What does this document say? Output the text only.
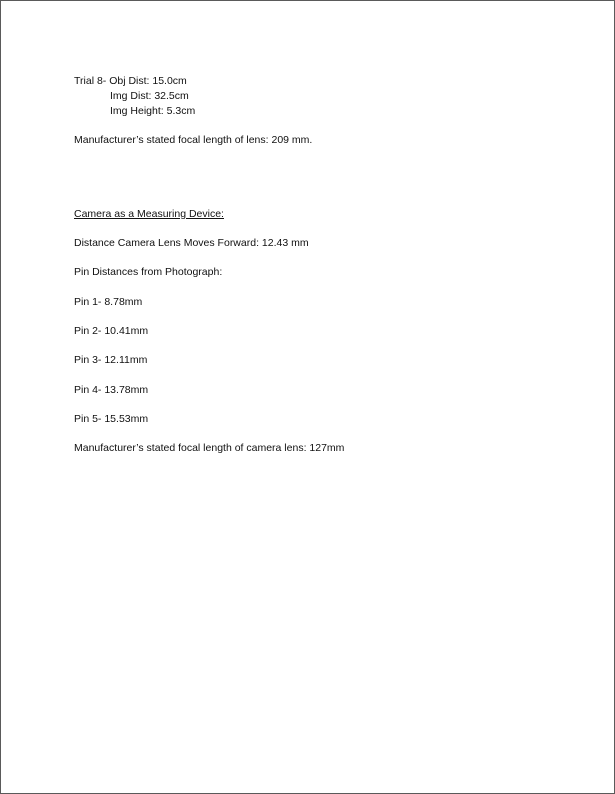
Trial 8- Obj Dist: 15.0cm
Img Dist: 32.5cm
Img Height: 5.3cm
Manufacturer’s stated focal length of lens: 209 mm.
Camera as a Measuring Device:
Distance Camera Lens Moves Forward: 12.43 mm
Pin Distances from Photograph:
Pin 1- 8.78mm
Pin 2- 10.41mm
Pin 3- 12.11mm
Pin 4- 13.78mm
Pin 5- 15.53mm
Manufacturer’s stated focal length of camera lens: 127mm
